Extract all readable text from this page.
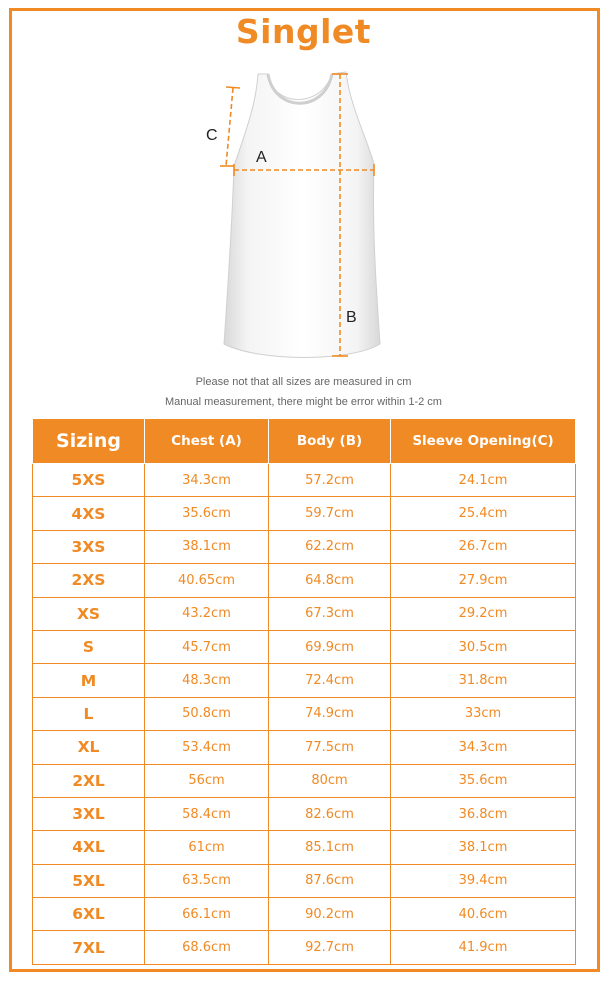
Singlet
A
B
C
Please not that all sizes are measured in cm
Manual measurement, there might be error within 1-2 cm
Sizing	Chest (A)	Body (B)	Sleeve Opening(C)
5XS	34.3cm	57.2cm	24.1cm
4XS	35.6cm	59.7cm	25.4cm
3XS	38.1cm	62.2cm	26.7cm
2XS	40.65cm	64.8cm	27.9cm
XS	43.2cm	67.3cm	29.2cm
S	45.7cm	69.9cm	30.5cm
M	48.3cm	72.4cm	31.8cm
L	50.8cm	74.9cm	33cm
XL	53.4cm	77.5cm	34.3cm
2XL	56cm	80cm	35.6cm
3XL	58.4cm	82.6cm	36.8cm
4XL	61cm	85.1cm	38.1cm
5XL	63.5cm	87.6cm	39.4cm
6XL	66.1cm	90.2cm	40.6cm
7XL	68.6cm	92.7cm	41.9cm
